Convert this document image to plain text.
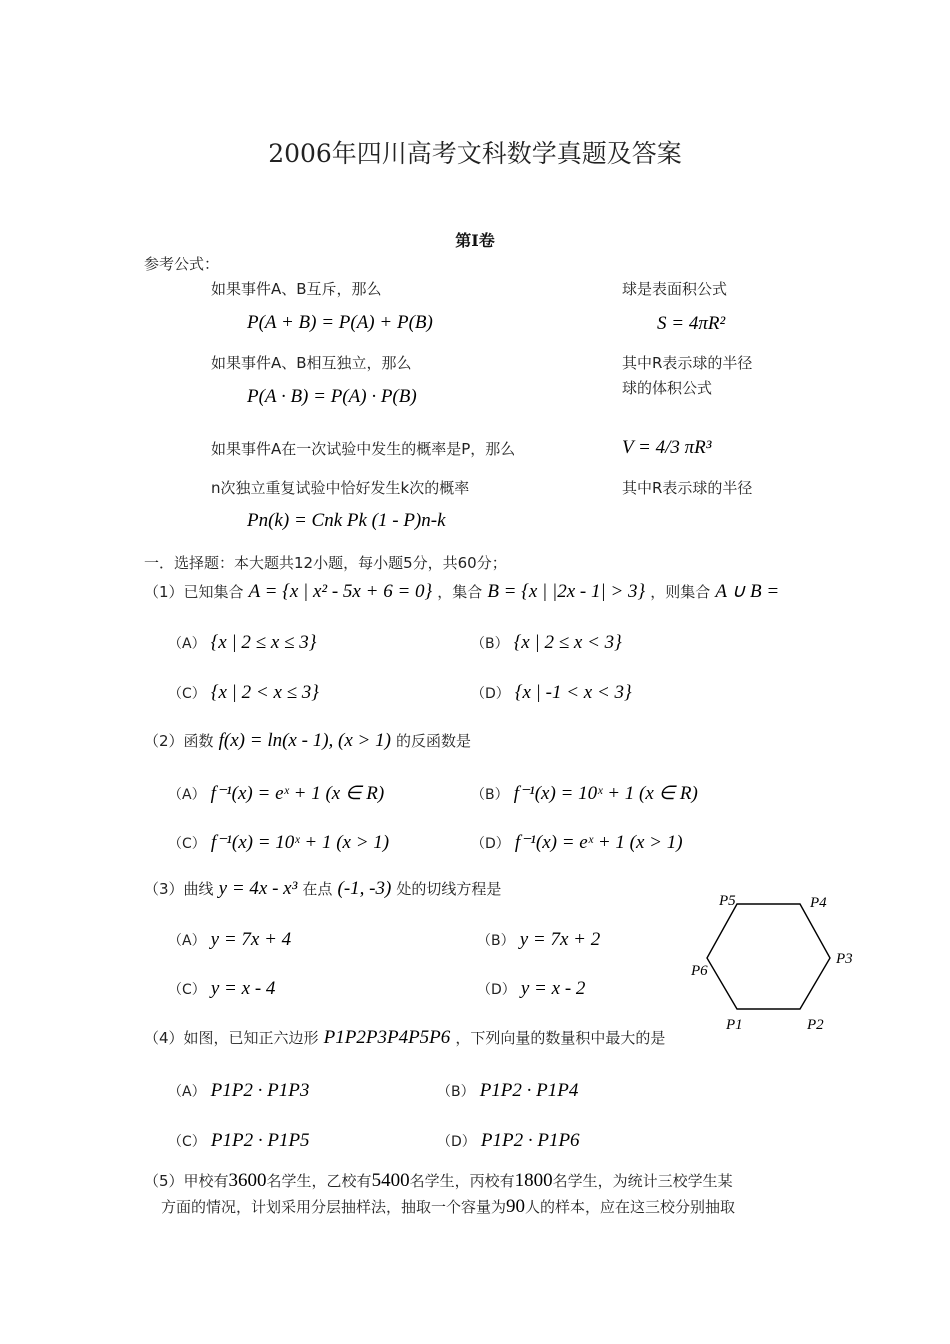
2006年四川高考文科数学真题及答案
第I卷
参考公式：
如果事件A、B互斥，那么
P(A + B) = P(A) + P(B)
如果事件A、B相互独立，那么
P(A · B) = P(A) · P(B)
如果事件A在一次试验中发生的概率是P，那么
n次独立重复试验中恰好发生k次的概率
Pn(k) = Cnk Pk (1 - P)n-k
球是表面积公式
S = 4πR²
其中R表示球的半径
球的体积公式
V = 4/3 πR³
其中R表示球的半径
一．选择题：本大题共12小题，每小题5分，共60分；
（1）已知集合 A = {x | x² - 5x + 6 = 0} ，集合 B = {x | |2x - 1| > 3} ，则集合 A ∪ B =
（A） {x | 2 ≤ x ≤ 3}	（B） {x | 2 ≤ x < 3}
（C） {x | 2 < x ≤ 3}	（D） {x | -1 < x < 3}
（2）函数 f(x) = ln(x - 1), (x > 1) 的反函数是
（A） f⁻¹(x) = eˣ + 1 (x ∈ R)	（B） f⁻¹(x) = 10ˣ + 1 (x ∈ R)
（C） f⁻¹(x) = 10ˣ + 1 (x > 1)	（D） f⁻¹(x) = eˣ + 1 (x > 1)
（3）曲线 y = 4x - x³ 在点 (-1, -3) 处的切线方程是
（A） y = 7x + 4	（B） y = 7x + 2
（C） y = x - 4	（D） y = x - 2
P1	P2
P3
P4
P5
P6
（4）如图，已知正六边形 P1P2P3P4P5P6 ，下列向量的数量积中最大的是
（A） P1P2 · P1P3	（B） P1P2 · P1P4
（C） P1P2 · P1P5	（D） P1P2 · P1P6
（5）甲校有3600名学生，乙校有5400名学生，丙校有1800名学生，为统计三校学生某
方面的情况，计划采用分层抽样法，抽取一个容量为90人的样本，应在这三校分别抽取
